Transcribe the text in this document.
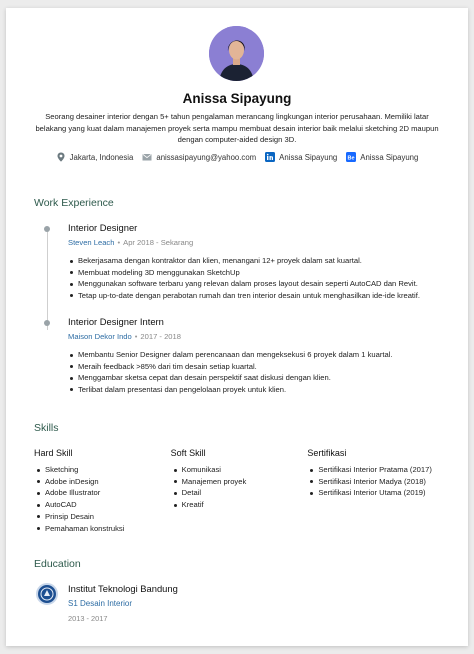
Anissa Sipayung
Seorang desainer interior dengan 5+ tahun pengalaman merancang lingkungan interior perusahaan. Memiliki latar belakang yang kuat dalam manajemen proyek serta mampu membuat desain interior baik melalui sketching 2D maupun dengan computer-aided design 3D.
Jakarta, Indonesia	anissasipayung@yahoo.com	Anissa Sipayung Be Anissa Sipayung
Work Experience
Interior Designer
Steven Leach • Apr 2018 - Sekarang
Bekerjasama dengan kontraktor dan klien, menangani 12+ proyek dalam sat kuartal.
Membuat modeling 3D menggunakan SketchUp
Menggunakan software terbaru yang relevan dalam proses layout desain seperti AutoCAD dan Revit.
Tetap up-to-date dengan perabotan rumah dan tren interior desain untuk menghasilkan ide-ide kreatif.
Interior Designer Intern
Maison Dekor Indo • 2017 - 2018
Membantu Senior Designer dalam perencanaan dan mengeksekusi 6 proyek dalam 1 kuartal.
Meraih feedback >85% dari tim desain setiap kuartal.
Menggambar sketsa cepat dan desain perspektif saat diskusi dengan klien.
Terlibat dalam presentasi dan pengelolaan proyek untuk klien.
Skills
Hard Skill
Sketching
Adobe inDesign
Adobe Illustrator
AutoCAD
Prinsip Desain
Pemahaman konstruksi
Soft Skill
Komunikasi
Manajemen proyek
Detail
Kreatif
Sertifikasi
Sertifikasi Interior Pratama (2017)
Sertifikasi Interior Madya (2018)
Sertifikasi Interior Utama (2019)
Education
Institut Teknologi Bandung
S1 Desain Interior
2013 - 2017
